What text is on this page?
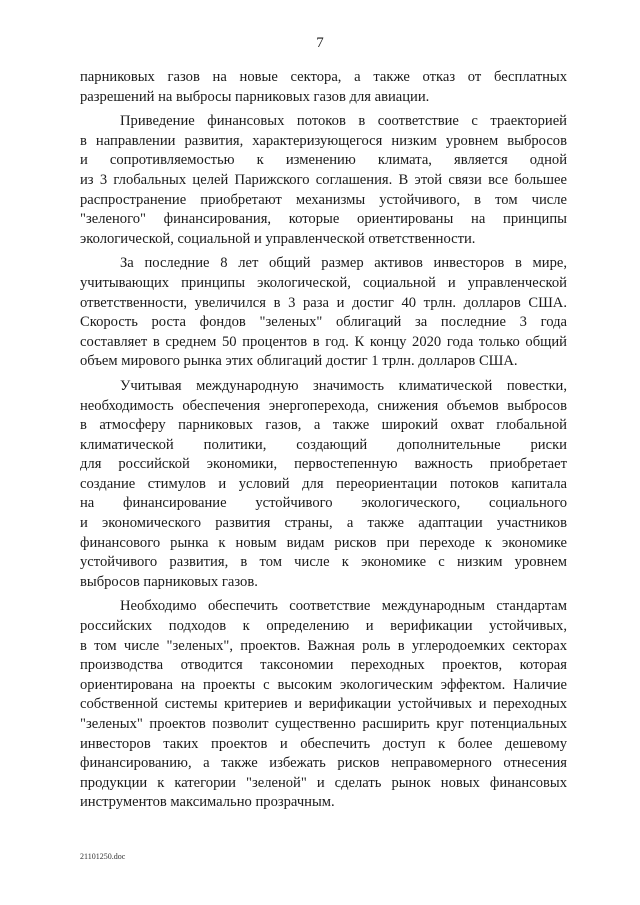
7
парниковых газов на новые сектора, а также отказ от бесплатных
разрешений на выбросы парниковых газов для авиации.
Приведение финансовых потоков в соответствие с траекторией
в направлении развития, характеризующегося низким уровнем выбросов
и сопротивляемостью к изменению климата, является одной
из 3 глобальных целей Парижского соглашения. В этой связи все большее
распространение приобретают механизмы устойчивого, в том числе
"зеленого" финансирования, которые ориентированы на принципы
экологической, социальной и управленческой ответственности.
За последние 8 лет общий размер активов инвесторов в мире,
учитывающих принципы экологической, социальной и управленческой
ответственности, увеличился в 3 раза и достиг 40 трлн. долларов США.
Скорость роста фондов "зеленых" облигаций за последние 3 года
составляет в среднем 50 процентов в год. К концу 2020 года только общий
объем мирового рынка этих облигаций достиг 1 трлн. долларов США.
Учитывая международную значимость климатической повестки,
необходимость обеспечения энергоперехода, снижения объемов выбросов
в атмосферу парниковых газов, а также широкий охват глобальной
климатической политики, создающий дополнительные риски
для российской экономики, первостепенную важность приобретает
создание стимулов и условий для переориентации потоков капитала
на финансирование устойчивого экологического, социального
и экономического развития страны, а также адаптации участников
финансового рынка к новым видам рисков при переходе к экономике
устойчивого развития, в том числе к экономике с низким уровнем
выбросов парниковых газов.
Необходимо обеспечить соответствие международным стандартам
российских подходов к определению и верификации устойчивых,
в том числе "зеленых", проектов. Важная роль в углеродоемких секторах
производства отводится таксономии переходных проектов, которая
ориентирована на проекты с высоким экологическим эффектом. Наличие
собственной системы критериев и верификации устойчивых и переходных
"зеленых" проектов позволит существенно расширить круг потенциальных
инвесторов таких проектов и обеспечить доступ к более дешевому
финансированию, а также избежать рисков неправомерного отнесения
продукции к категории "зеленой" и сделать рынок новых финансовых
инструментов максимально прозрачным.
21101250.doc
